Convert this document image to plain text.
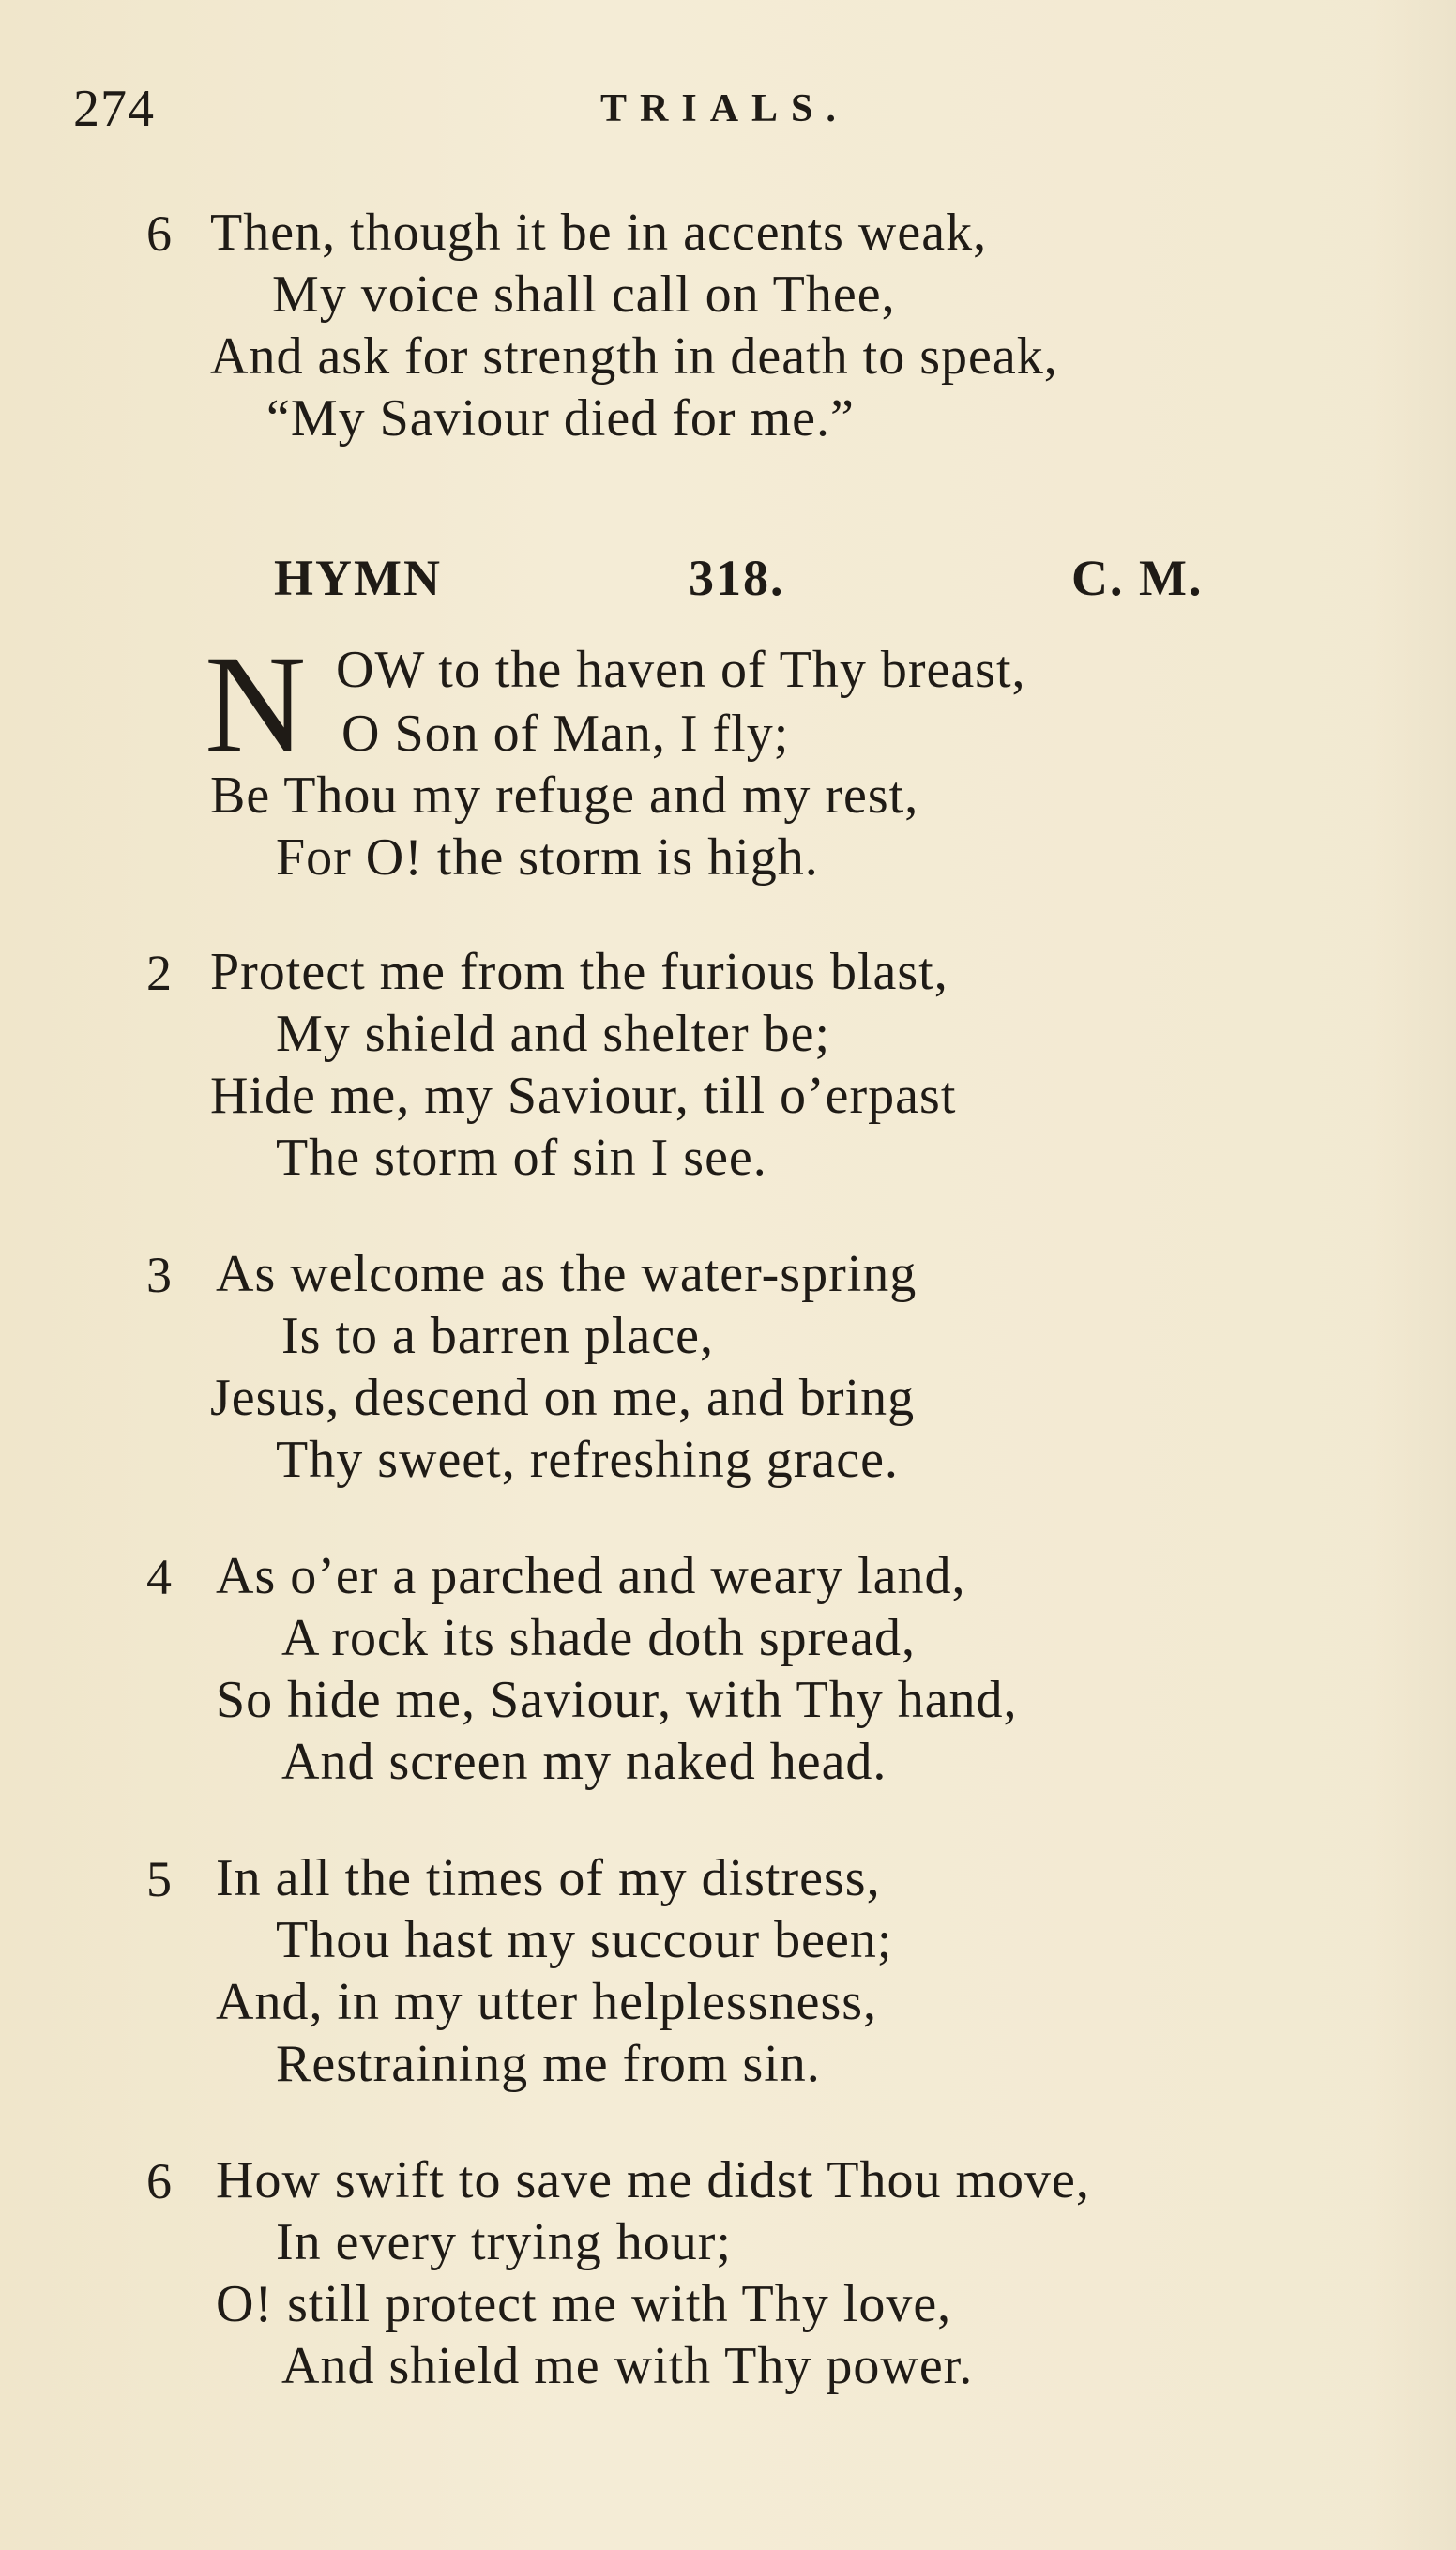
274	TRIALS.
6 Then, though it be in accents weak,
My voice shall call on Thee,
And ask for strength in death to speak,
“My Saviour died for me.”
HYMN	318.	C. M.
N OW to the haven of Thy breast,
O Son of Man, I fly;
Be Thou my refuge and my rest,
For O! the storm is high.
2 Protect me from the furious blast,
My shield and shelter be;
Hide me, my Saviour, till o’erpast
The storm of sin I see.
3 As welcome as the water-spring
Is to a barren place,
Jesus, descend on me, and bring
Thy sweet, refreshing grace.
4 As o’er a parched and weary land,
A rock its shade doth spread,
So hide me, Saviour, with Thy hand,
And screen my naked head.
5 In all the times of my distress,
Thou hast my succour been;
And, in my utter helplessness,
Restraining me from sin.
6 How swift to save me didst Thou move,
In every trying hour;
O! still protect me with Thy love,
And shield me with Thy power.
